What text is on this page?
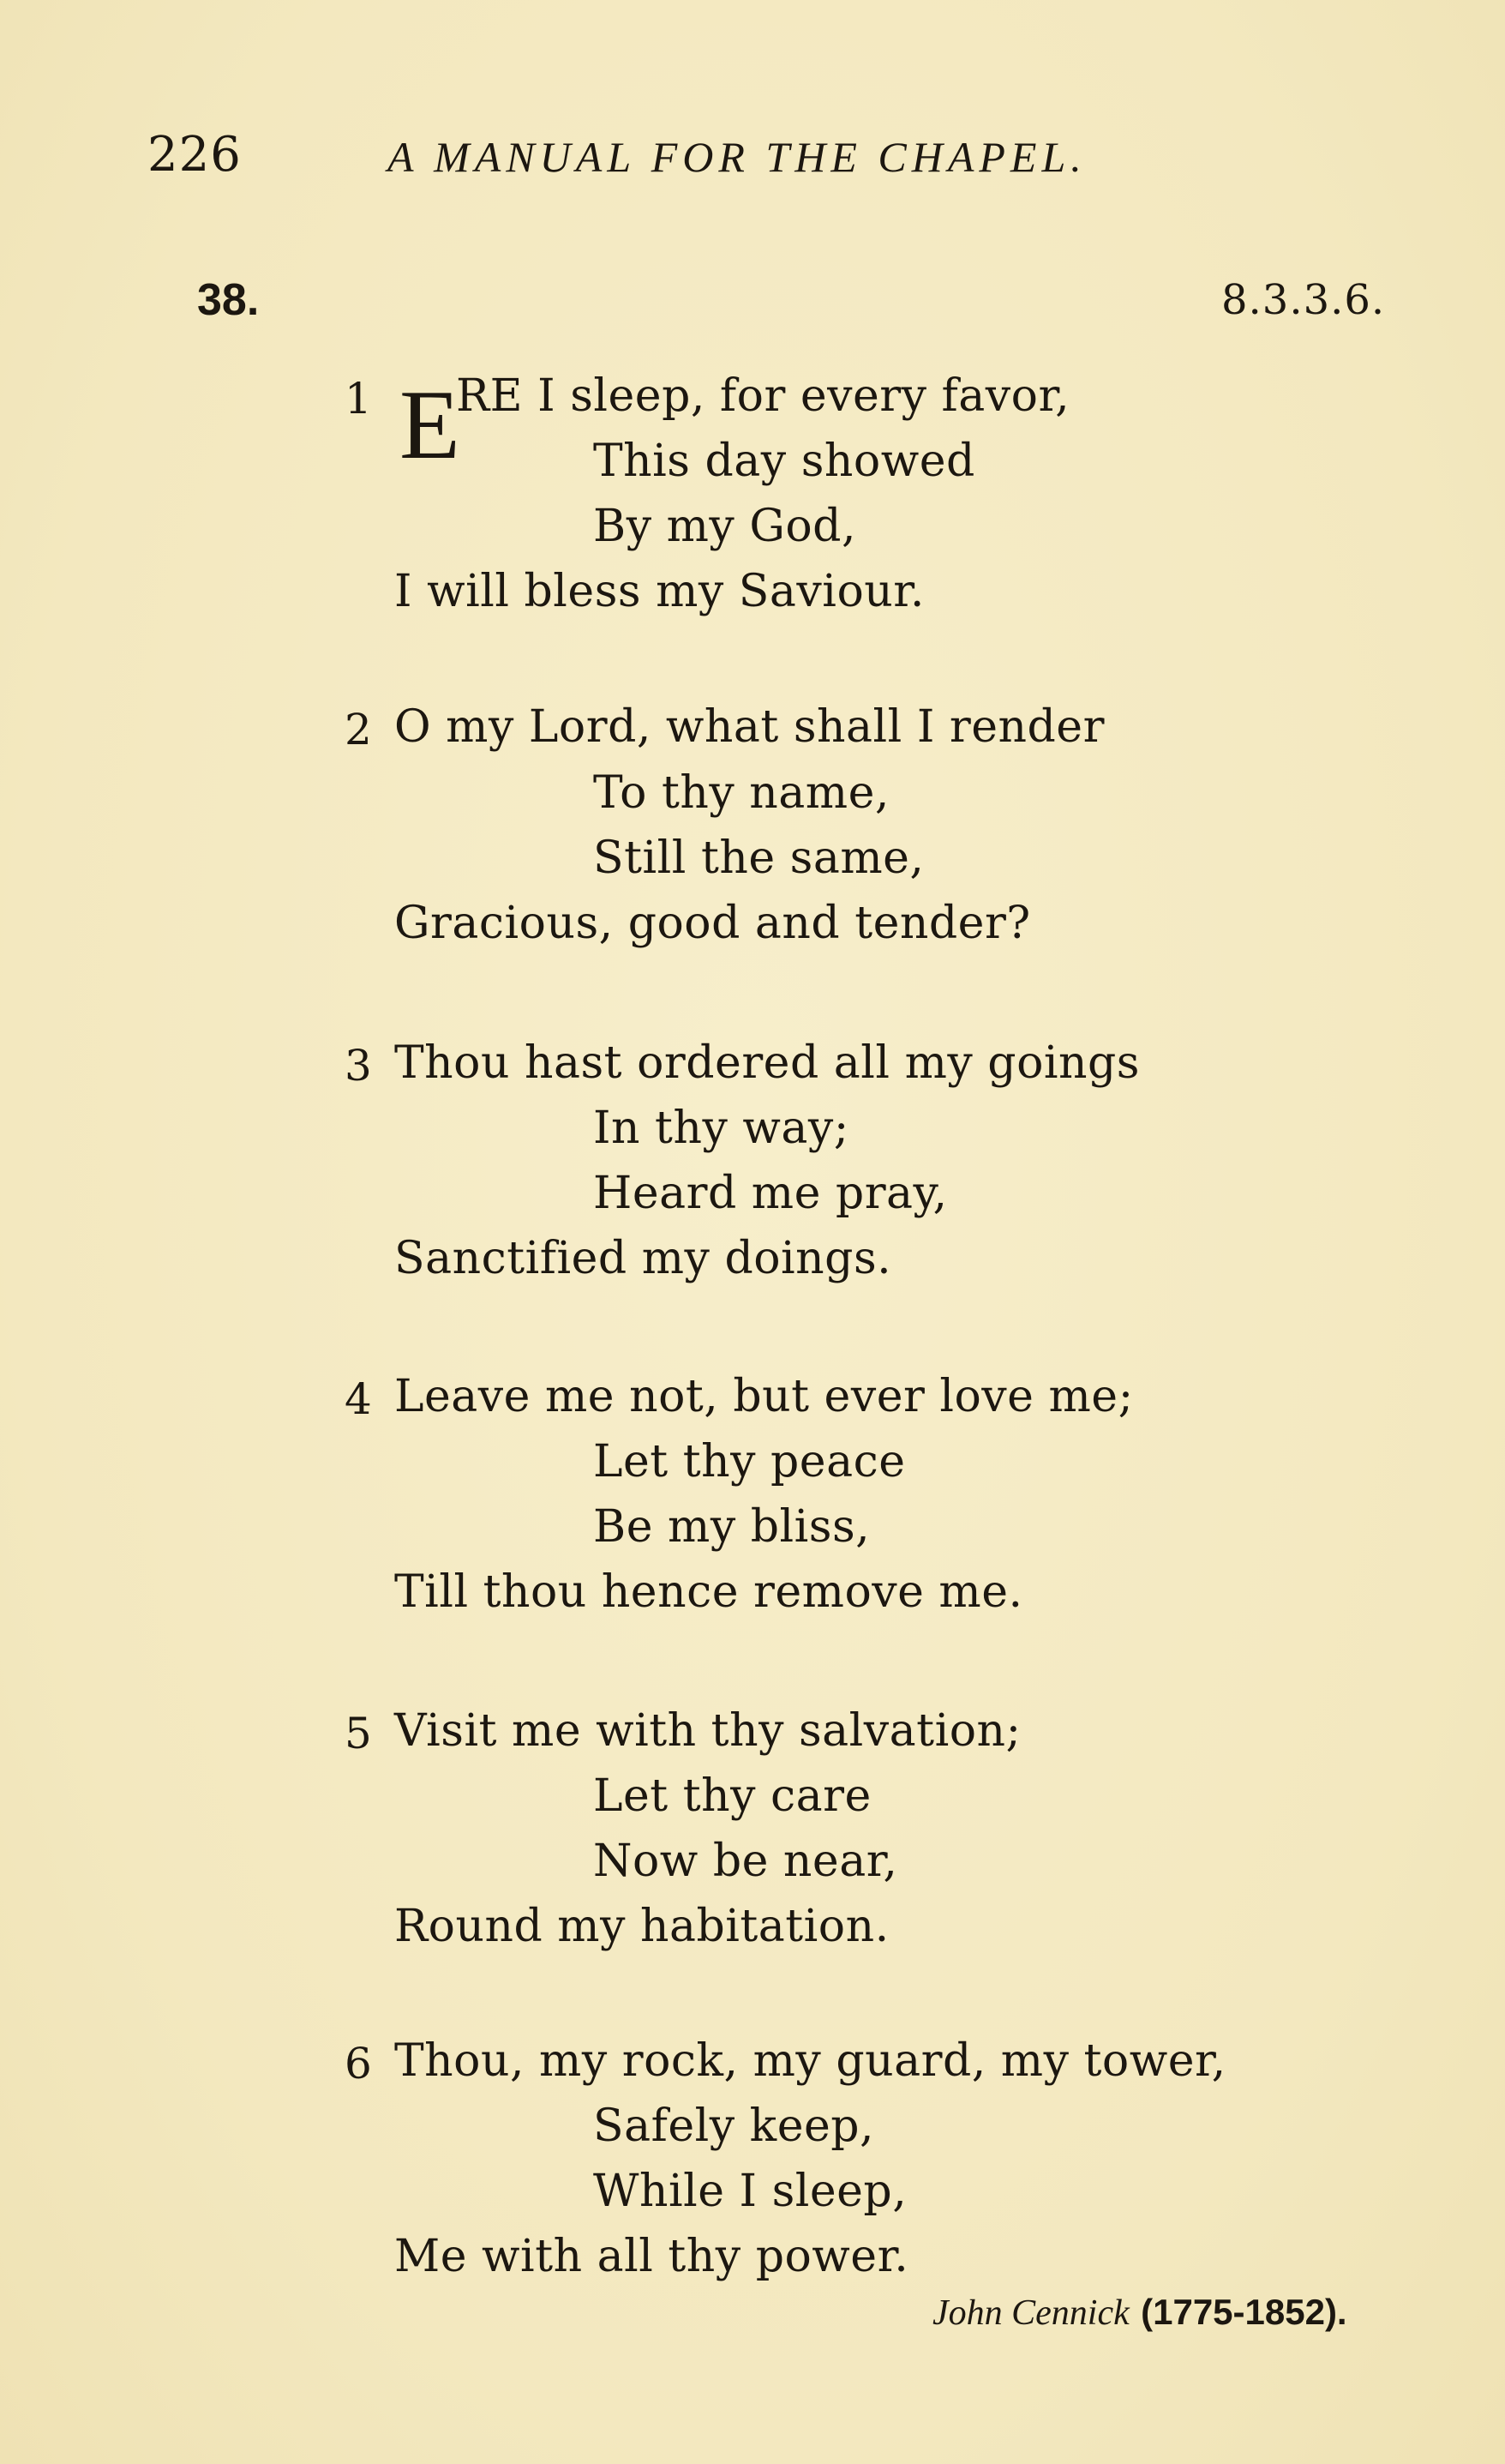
226	A MANUAL FOR THE CHAPEL.
38.	8.3.3.6.
E
1 RE I sleep, for every favor,
This day showed
By my God,
I will bless my Saviour.
2 O my Lord, what shall I render
To thy name,
Still the same,
Gracious, good and tender?
3 Thou hast ordered all my goings
In thy way;
Heard me pray,
Sanctified my doings.
4 Leave me not, but ever love me;
Let thy peace
Be my bliss,
Till thou hence remove me.
5 Visit me with thy salvation;
Let thy care
Now be near,
Round my habitation.
6 Thou, my rock, my guard, my tower,
Safely keep,
While I sleep,
Me with all thy power.
John Cennick (1775-1852).
